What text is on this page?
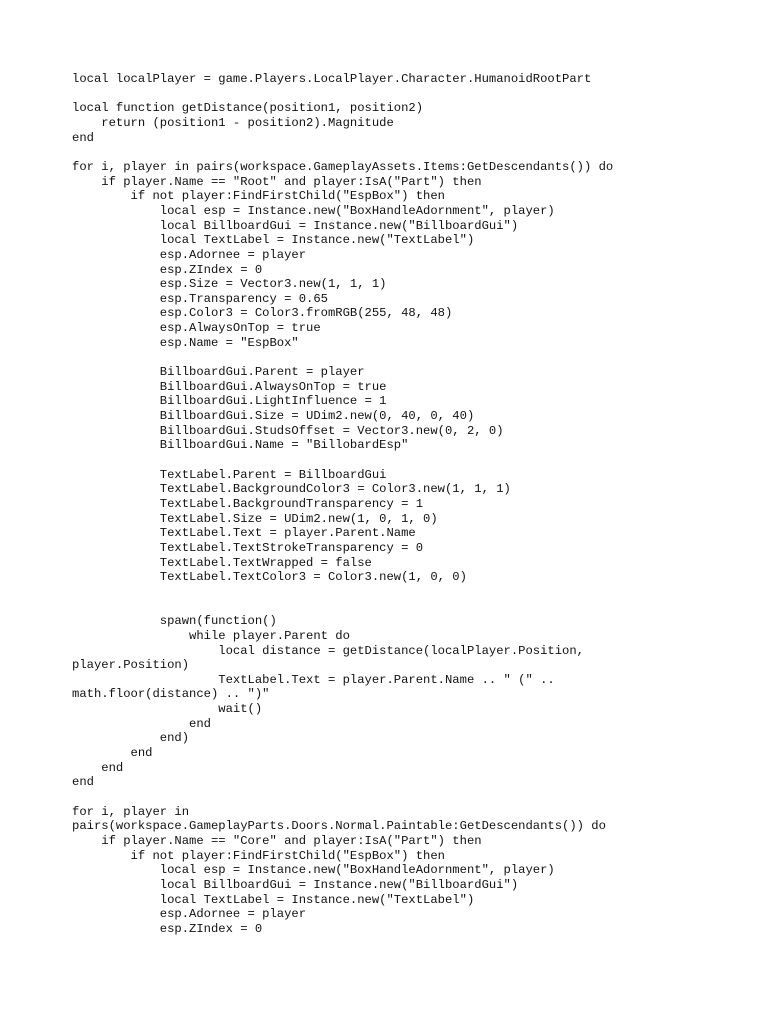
local localPlayer = game.Players.LocalPlayer.Character.HumanoidRootPart
local function getDistance(position1, position2)
return (position1 - position2).Magnitude
end
for i, player in pairs(workspace.GameplayAssets.Items:GetDescendants()) do
if player.Name == "Root" and player:IsA("Part") then
if not player:FindFirstChild("EspBox") then
local esp = Instance.new("BoxHandleAdornment", player)
local BillboardGui = Instance.new("BillboardGui")
local TextLabel = Instance.new("TextLabel")
esp.Adornee = player
esp.ZIndex = 0
esp.Size = Vector3.new(1, 1, 1)
esp.Transparency = 0.65
esp.Color3 = Color3.fromRGB(255, 48, 48)
esp.AlwaysOnTop = true
esp.Name = "EspBox"
BillboardGui.Parent = player
BillboardGui.AlwaysOnTop = true
BillboardGui.LightInfluence = 1
BillboardGui.Size = UDim2.new(0, 40, 0, 40)
BillboardGui.StudsOffset = Vector3.new(0, 2, 0)
BillboardGui.Name = "BillobardEsp"
TextLabel.Parent = BillboardGui
TextLabel.BackgroundColor3 = Color3.new(1, 1, 1)
TextLabel.BackgroundTransparency = 1
TextLabel.Size = UDim2.new(1, 0, 1, 0)
TextLabel.Text = player.Parent.Name
TextLabel.TextStrokeTransparency = 0
TextLabel.TextWrapped = false
TextLabel.TextColor3 = Color3.new(1, 0, 0)
spawn(function()
while player.Parent do
local distance = getDistance(localPlayer.Position,
player.Position)
TextLabel.Text = player.Parent.Name .. " (" ..
math.floor(distance) .. ")"
wait()
end
end)
end
end
end
for i, player in
pairs(workspace.GameplayParts.Doors.Normal.Paintable:GetDescendants()) do
if player.Name == "Core" and player:IsA("Part") then
if not player:FindFirstChild("EspBox") then
local esp = Instance.new("BoxHandleAdornment", player)
local BillboardGui = Instance.new("BillboardGui")
local TextLabel = Instance.new("TextLabel")
esp.Adornee = player
esp.ZIndex = 0
